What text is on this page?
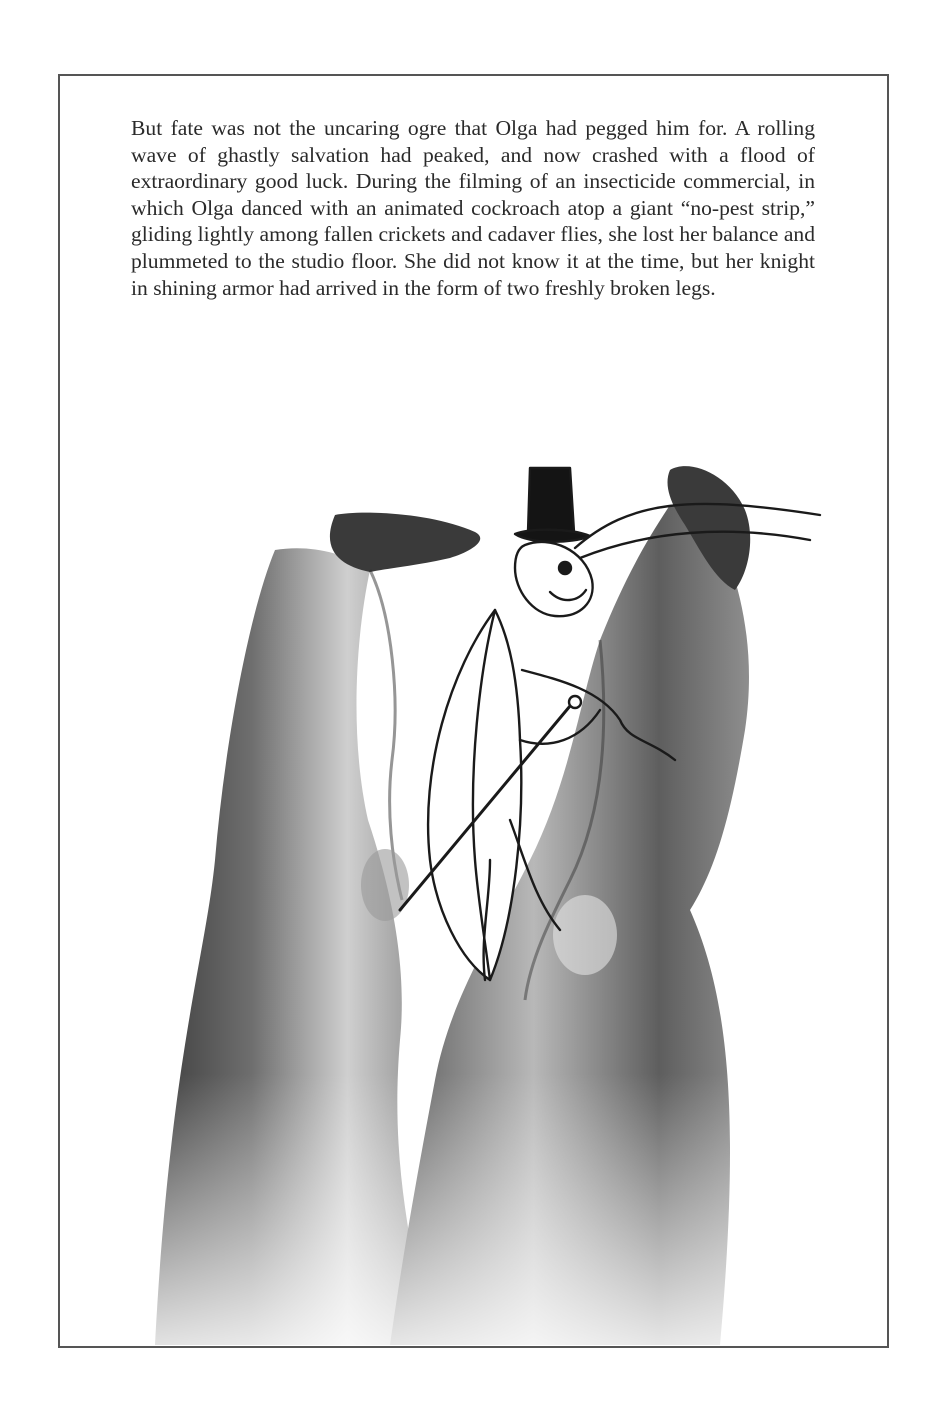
But fate was not the uncaring ogre that Olga had pegged him for. A rolling wave of ghastly salvation had peaked, and now crashed with a flood of extraordinary good luck. During the filming of an insecticide commercial, in which Olga danced with an animated cockroach atop a giant “no-pest strip,” gliding lightly among fallen crickets and cadaver flies, she lost her balance and plummeted to the studio floor. She did not know it at the time, but her knight in shining armor had arrived in the form of two freshly broken legs.
